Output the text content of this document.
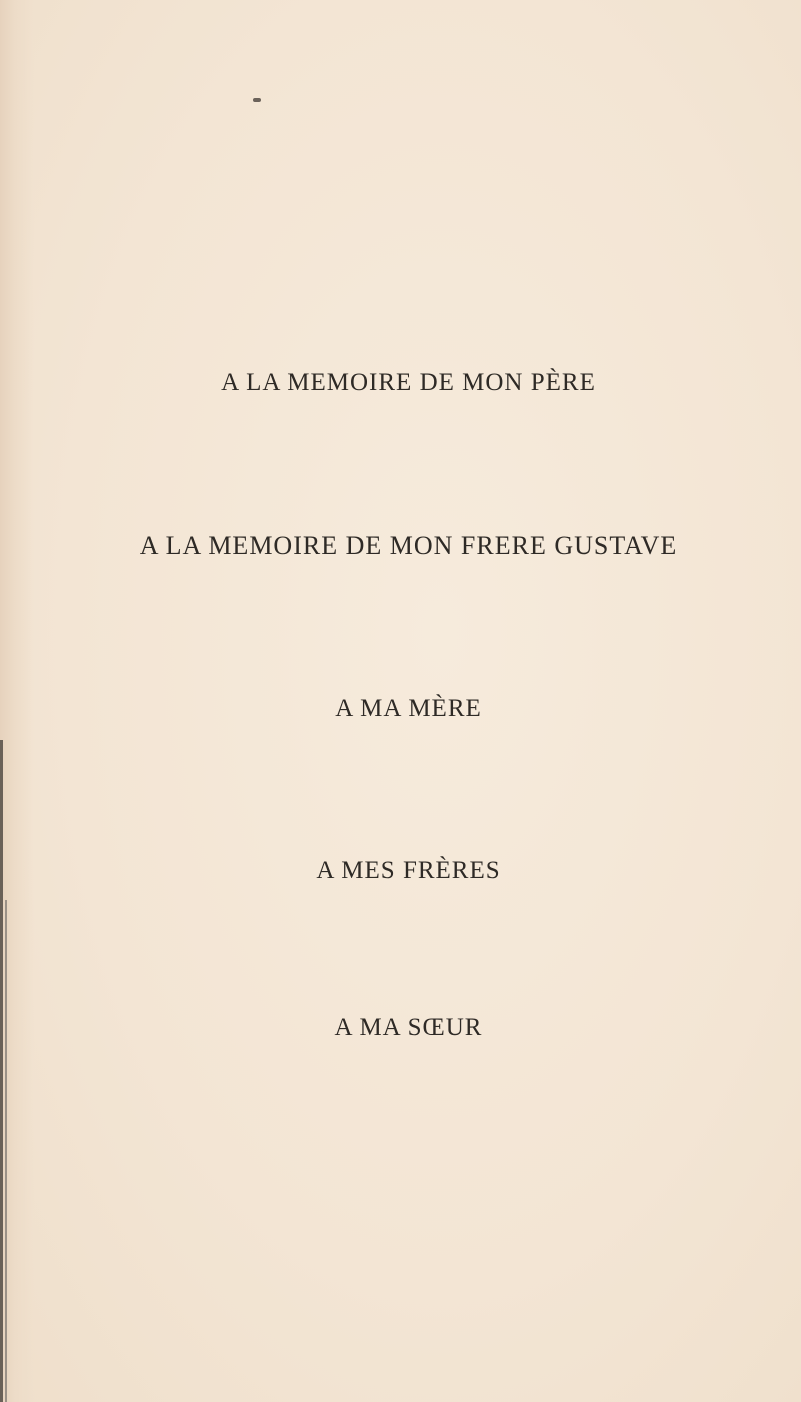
A LA MEMOIRE DE MON PÈRE
A LA MEMOIRE DE MON FRERE GUSTAVE
A MA MÈRE
A MES FRÈRES
A MA SŒUR
